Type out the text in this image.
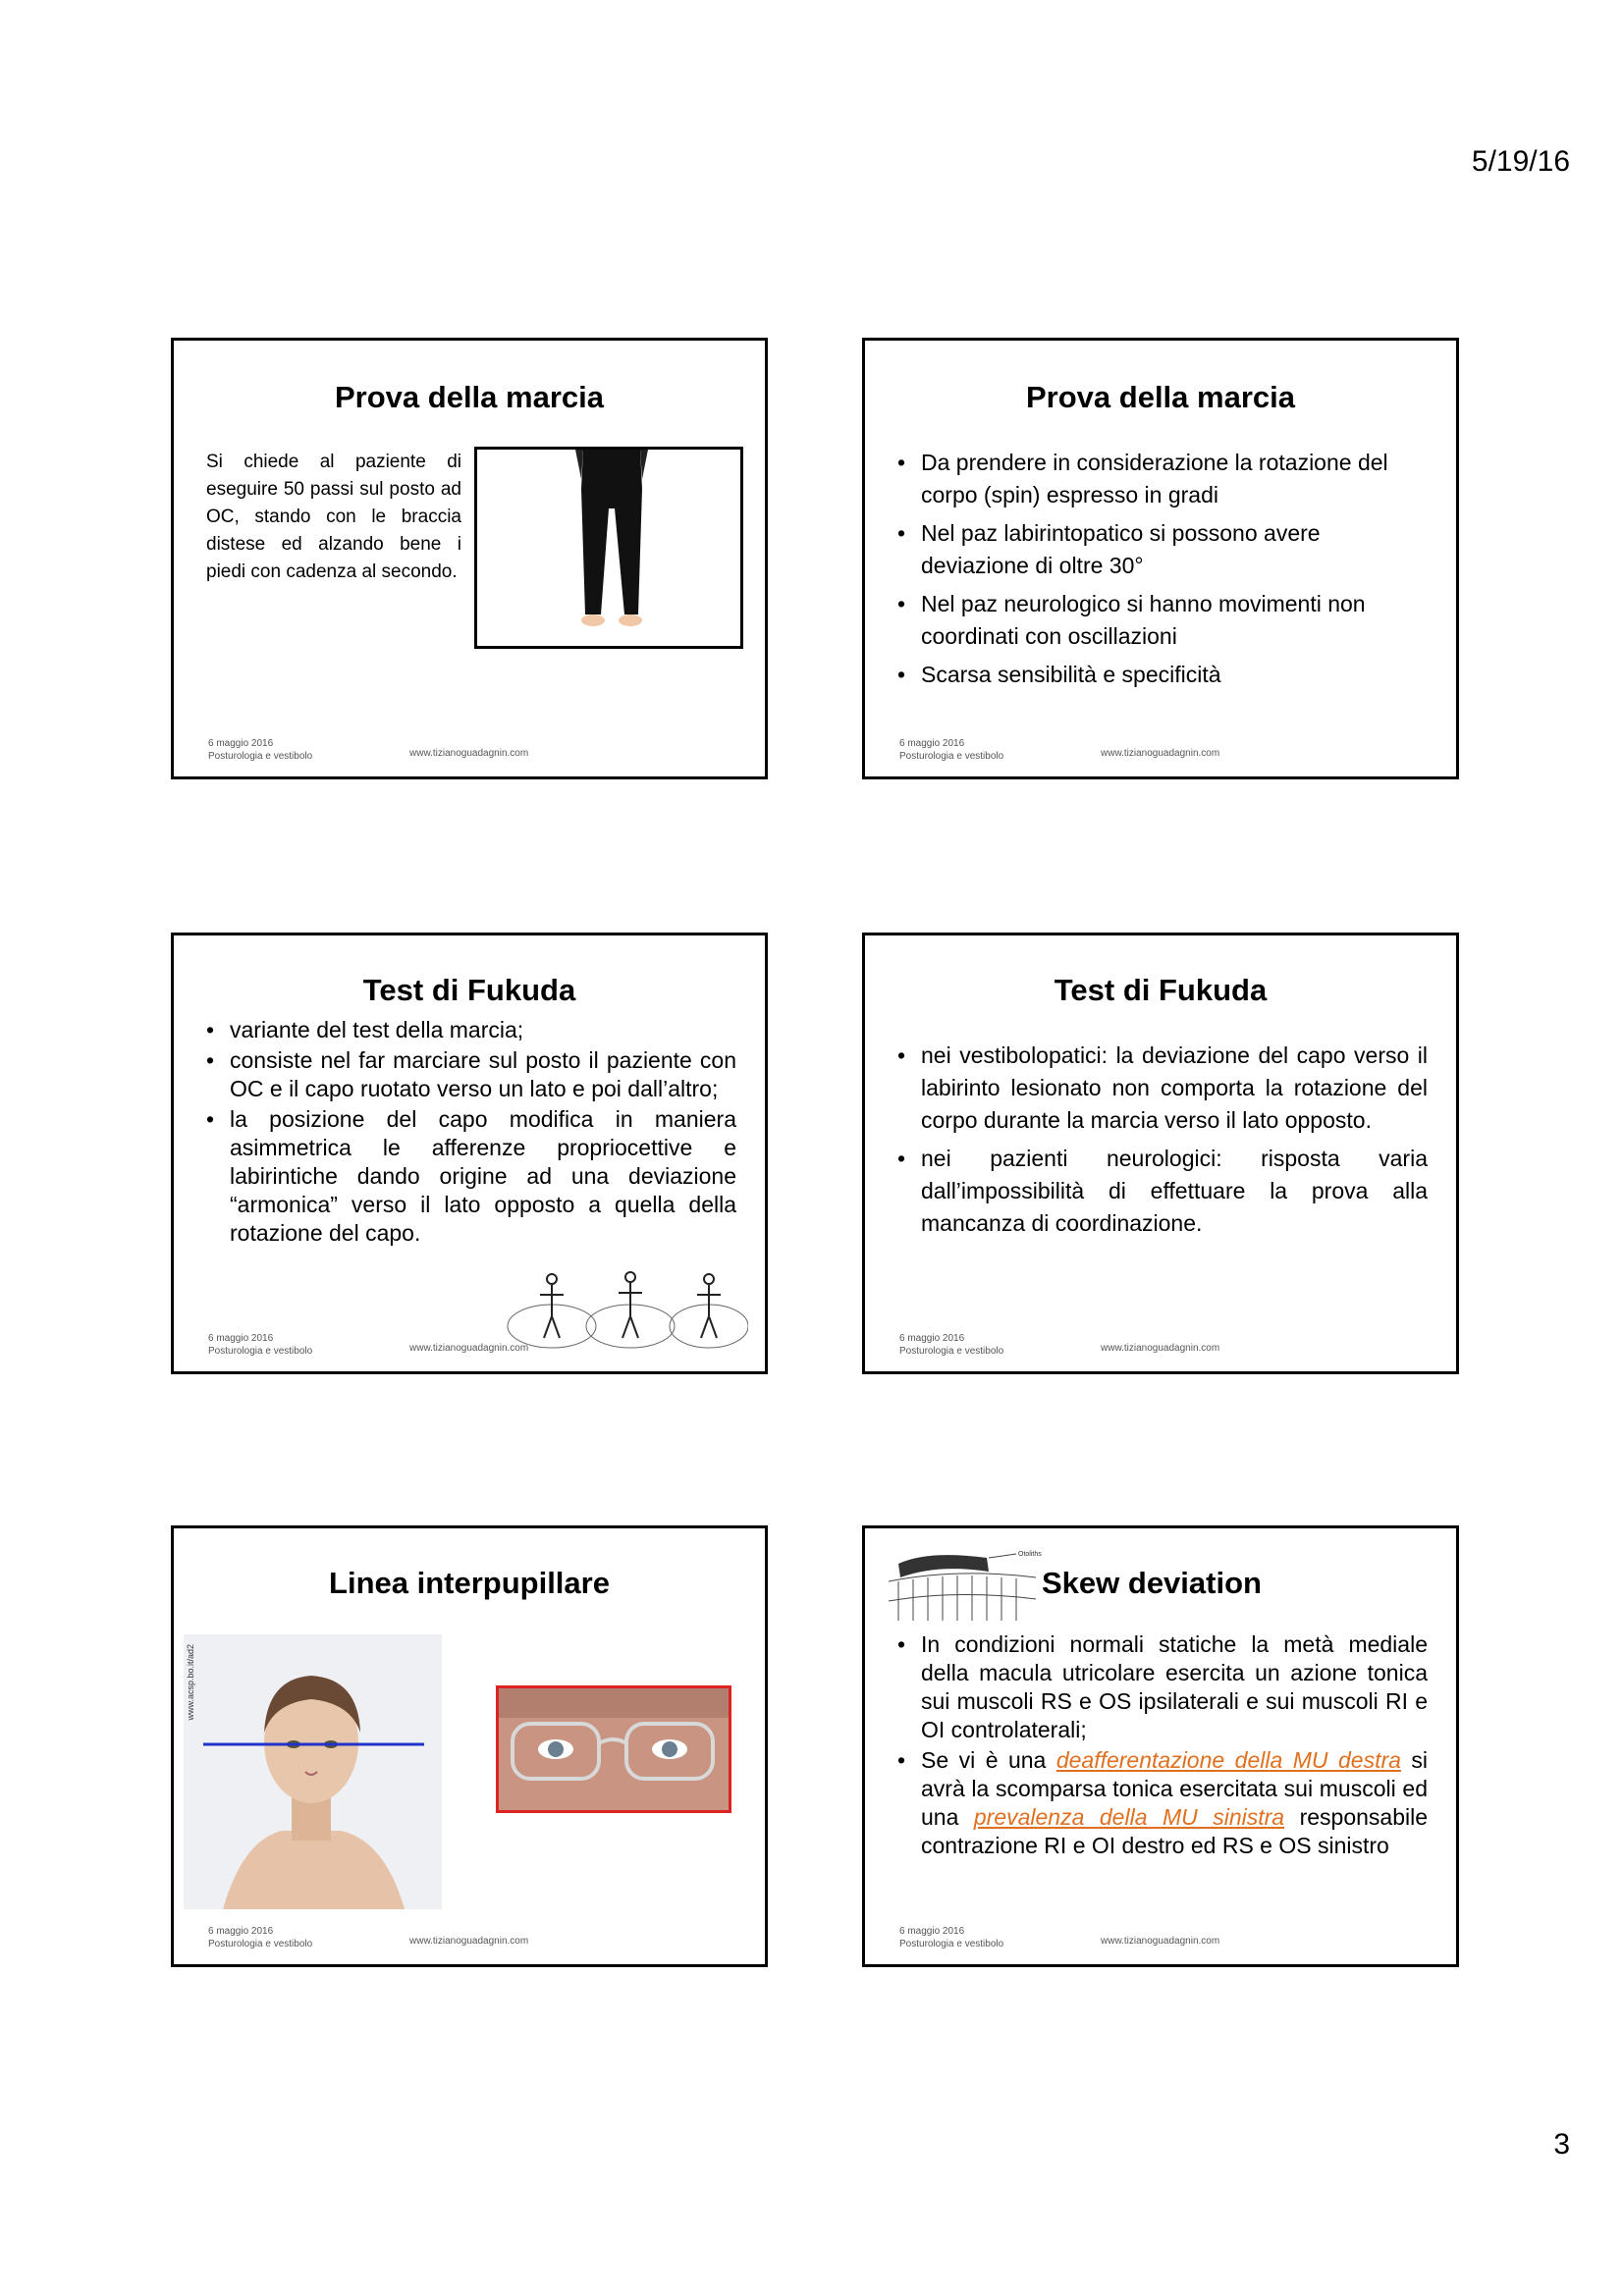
5/19/16
Prova della marcia
Si chiede al paziente di eseguire 50 passi sul posto ad OC, stando con le braccia distese ed alzando bene i piedi con cadenza al secondo.
6 maggio 2016
Posturologia e vestibolo	www.tizianoguadagnin.com
Prova della marcia
• Da prendere in considerazione la rotazione del corpo (spin) espresso in gradi
• Nel paz labirintopatico si possono avere deviazione di oltre 30°
• Nel paz neurologico si hanno movimenti non coordinati con oscillazioni
• Scarsa sensibilità e specificità
6 maggio 2016
Posturologia e vestibolo	www.tizianoguadagnin.com
Test di Fukuda
• variante del test della marcia;
• consiste nel far marciare sul posto il paziente con OC e il capo ruotato verso un lato e poi dall’altro;
• la posizione del capo modifica in maniera asimmetrica le afferenze propriocettive e labirintiche dando origine ad una deviazione “armonica” verso il lato opposto a quella della rotazione del capo.
6 maggio 2016
Posturologia e vestibolo	www.tizianoguadagnin.com
Test di Fukuda
• nei vestibolopatici: la deviazione del capo verso il labirinto lesionato non comporta la rotazione del corpo durante la marcia verso il lato opposto.
• nei pazienti neurologici: risposta varia dall’impossibilità di effettuare la prova alla mancanza di coordinazione.
6 maggio 2016
Posturologia e vestibolo	www.tizianoguadagnin.com
Linea interpupillare
www.acsp.bo.it/ad2
6 maggio 2016
Posturologia e vestibolo	www.tizianoguadagnin.com
Otoliths
Skew deviation
• In condizioni normali statiche la metà mediale della macula utricolare esercita un azione tonica sui muscoli RS e OS ipsilaterali e sui muscoli RI e OI controlaterali;
• Se vi è una deafferentazione della MU destra si avrà la scomparsa tonica esercitata sui muscoli ed una prevalenza della MU sinistra responsabile contrazione RI e OI destro ed RS e OS sinistro
6 maggio 2016
Posturologia e vestibolo	www.tizianoguadagnin.com
3
